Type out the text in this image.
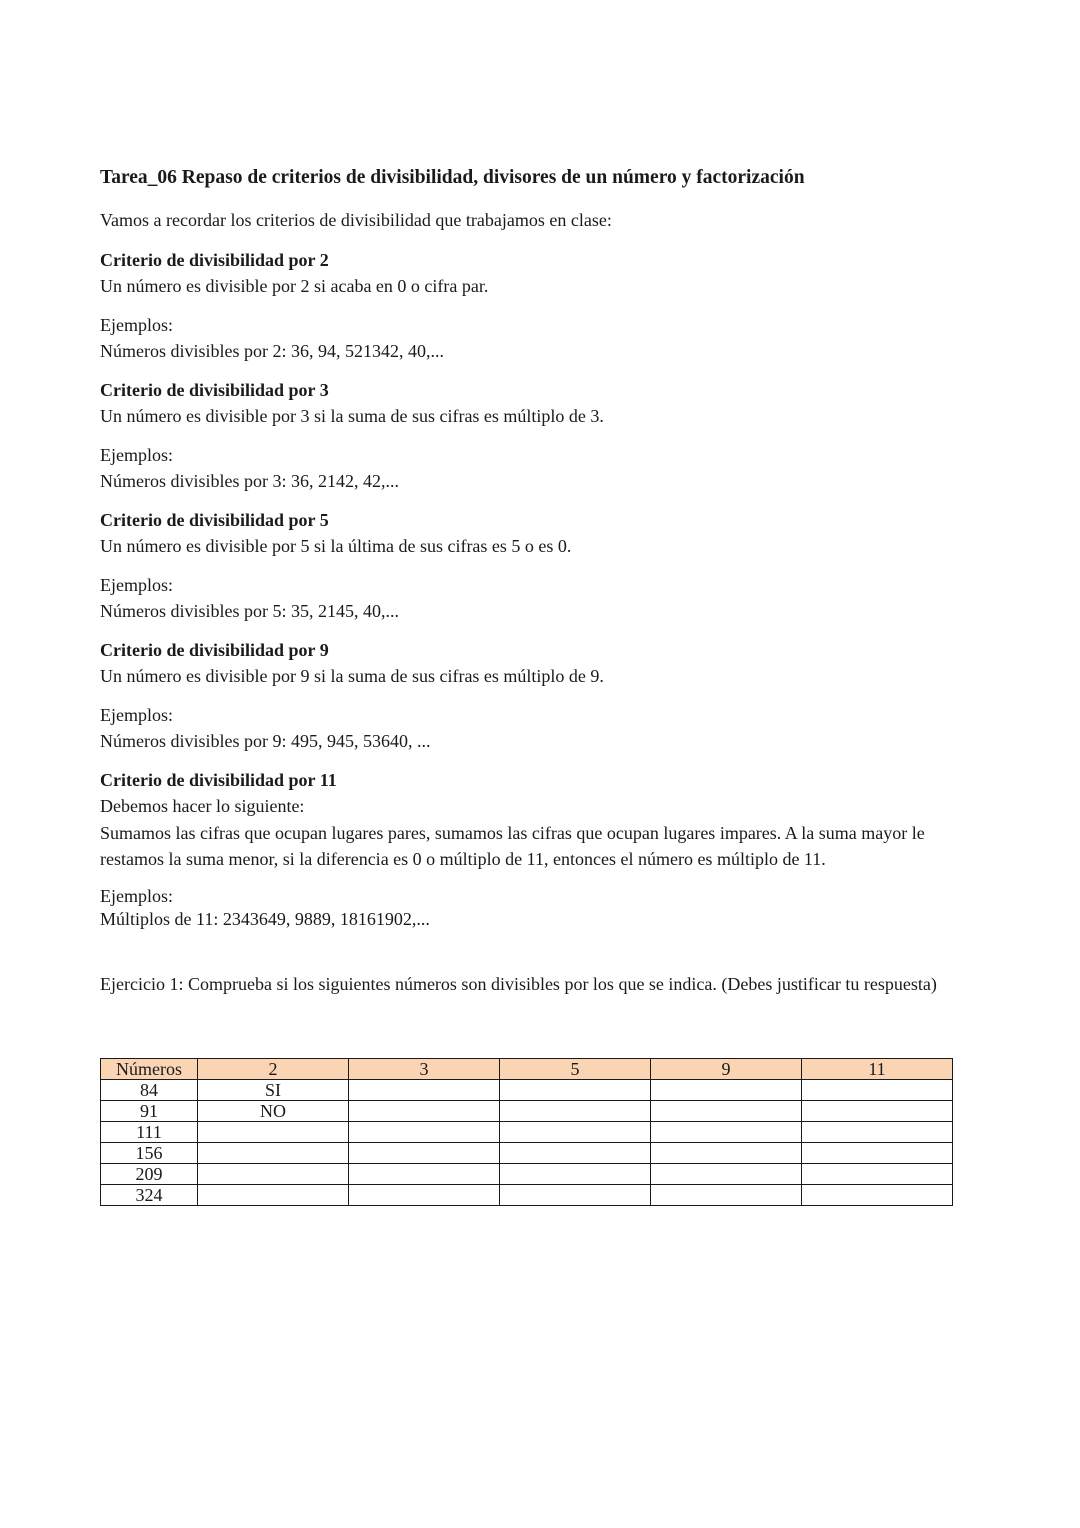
Tarea_06 Repaso de criterios de divisibilidad, divisores de un número y factorización
Vamos a recordar los criterios de divisibilidad que trabajamos en clase:
Criterio de divisibilidad por 2
Un número es divisible por 2 si acaba en 0 o cifra par.
Ejemplos:
Números divisibles por 2: 36, 94, 521342, 40,...
Criterio de divisibilidad por 3
Un número es divisible por 3 si la suma de sus cifras es múltiplo de 3.
Ejemplos:
Números divisibles por 3: 36, 2142, 42,...
Criterio de divisibilidad por 5
Un número es divisible por 5 si la última de sus cifras es 5 o es 0.
Ejemplos:
Números divisibles por 5: 35, 2145, 40,...
Criterio de divisibilidad por 9
Un número es divisible por 9 si la suma de sus cifras es múltiplo de 9.
Ejemplos:
Números divisibles por 9: 495, 945, 53640, ...
Criterio de divisibilidad por 11
Debemos hacer lo siguiente:
Sumamos las cifras que ocupan lugares pares, sumamos las cifras que ocupan lugares impares. A la suma mayor le restamos la suma menor, si la diferencia es 0 o múltiplo de 11, entonces el número es múltiplo de 11.
Ejemplos:
Múltiplos de 11: 2343649, 9889, 18161902,...
Ejercicio 1: Comprueba si los siguientes números son divisibles por los que se indica. (Debes justificar tu respuesta)
Números	2	3	5	9	11
84	SI				
91	NO				
111					
156					
209					
324					
